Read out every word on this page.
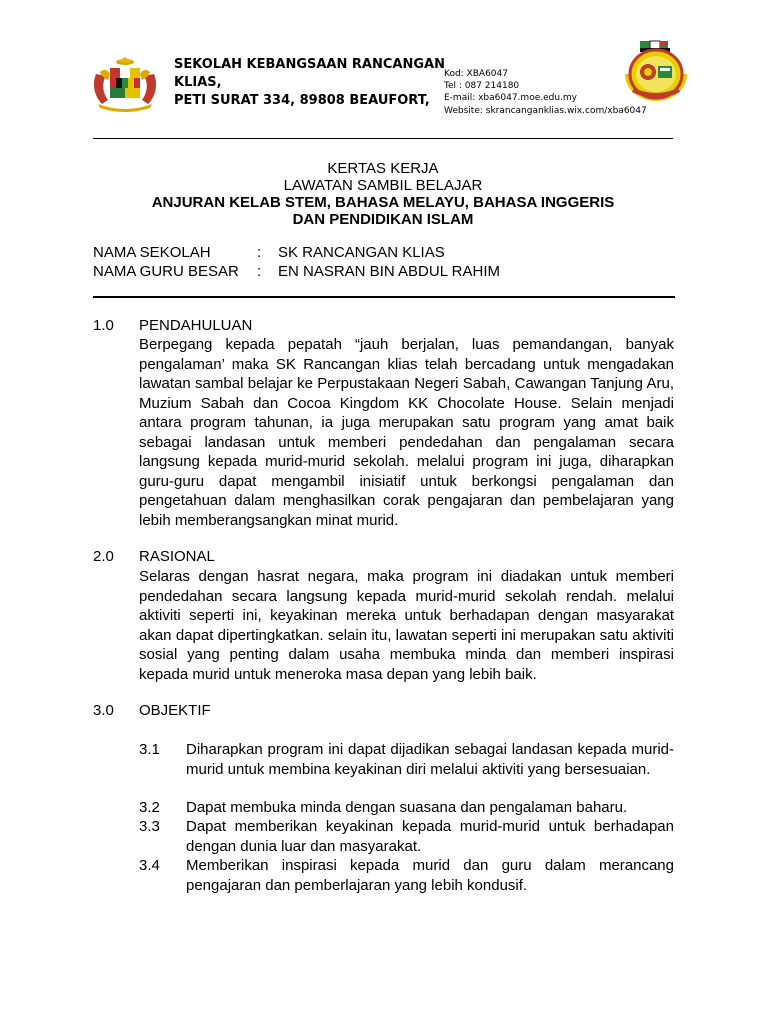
SEKOLAH KEBANGSAAN RANCANGAN
KLIAS,
PETI SURAT 334, 89808 BEAUFORT,
Kod: XBA6047
Tel : 087 214180
E-mail: xba6047.moe.edu.my
Website: skrancanganklias.wix.com/xba6047
KERTAS KERJA
LAWATAN SAMBIL BELAJAR
ANJURAN KELAB STEM, BAHASA MELAYU, BAHASA INGGERIS
DAN PENDIDIKAN ISLAM
NAMA SEKOLAH	: SK RANCANGAN KLIAS
NAMA GURU BESAR : EN NASRAN BIN ABDUL RAHIM
1.0 PENDAHULUAN
Berpegang kepada pepatah “jauh berjalan, luas pemandangan, banyak pengalaman’ maka SK Rancangan klias telah bercadang untuk mengadakan lawatan sambal belajar ke Perpustakaan Negeri Sabah, Cawangan Tanjung Aru, Muzium Sabah dan Cocoa Kingdom KK Chocolate House. Selain menjadi antara program tahunan, ia juga merupakan satu program yang amat baik sebagai landasan untuk memberi pendedahan dan pengalaman secara langsung kepada murid-murid sekolah. melalui program ini juga, diharapkan guru-guru dapat mengambil inisiatif untuk berkongsi pengalaman dan pengetahuan dalam menghasilkan corak pengajaran dan pembelajaran yang lebih memberangsangkan minat murid.
2.0 RASIONAL
Selaras dengan hasrat negara, maka program ini diadakan untuk memberi pendedahan secara langsung kepada murid-murid sekolah rendah. melalui aktiviti seperti ini, keyakinan mereka untuk berhadapan dengan masyarakat akan dapat dipertingkatkan. selain itu, lawatan seperti ini merupakan satu aktiviti sosial yang penting dalam usaha membuka minda dan memberi inspirasi kepada murid untuk meneroka masa depan yang lebih baik.
3.0 OBJEKTIF
3.1 Diharapkan program ini dapat dijadikan sebagai landasan kepada murid-murid untuk membina keyakinan diri melalui aktiviti yang bersesuaian.
3.2 Dapat membuka minda dengan suasana dan pengalaman baharu.
3.3 Dapat memberikan keyakinan kepada murid-murid untuk berhadapan dengan dunia luar dan masyarakat.
3.4 Memberikan inspirasi kepada murid dan guru dalam merancang pengajaran dan pemberlajaran yang lebih kondusif.
